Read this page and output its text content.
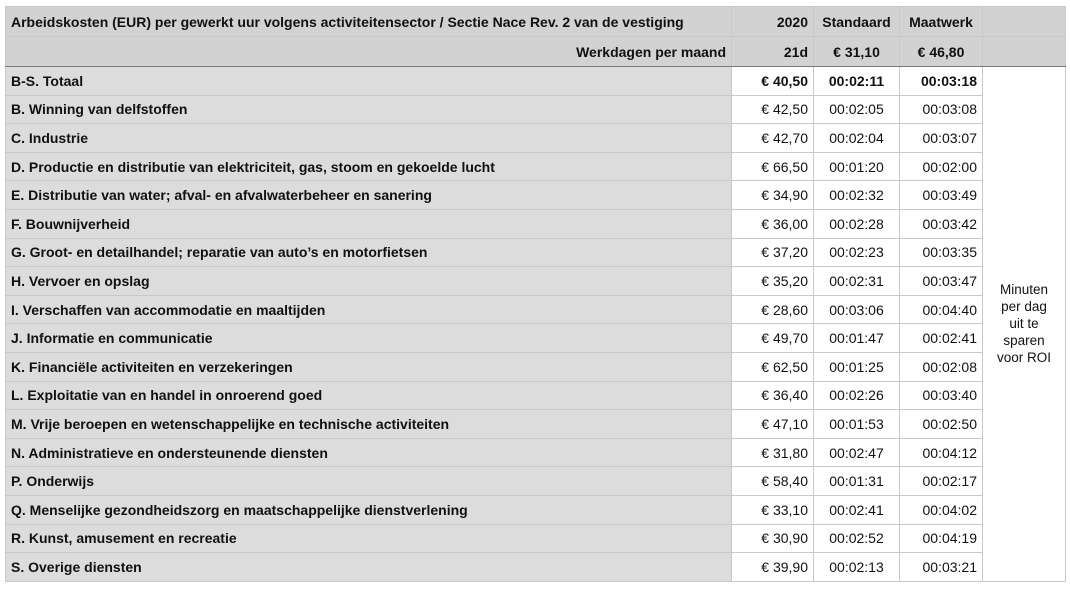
Arbeidskosten (EUR) per gewerkt uur volgens activiteitensector / Sectie Nace Rev. 2 van de vestiging	2020	Standaard	Maatwerk	
Werkdagen per maand	21d	€ 31,10	€ 46,80	
B-S. Totaal	€ 40,50	00:02:11	00:03:18	Minuten
per dag
uit te
sparen
voor ROI

B. Winning van delfstoffen	€ 42,50	00:02:05	00:03:08	
C. Industrie	€ 42,70	00:02:04	00:03:07	
D. Productie en distributie van elektriciteit, gas, stoom en gekoelde lucht	€ 66,50	00:01:20	00:02:00	
E. Distributie van water; afval- en afvalwaterbeheer en sanering	€ 34,90	00:02:32	00:03:49	
F. Bouwnijverheid	€ 36,00	00:02:28	00:03:42	
G. Groot- en detailhandel; reparatie van auto’s en motorfietsen	€ 37,20	00:02:23	00:03:35	
H. Vervoer en opslag	€ 35,20	00:02:31	00:03:47	
I. Verschaffen van accommodatie en maaltijden	€ 28,60	00:03:06	00:04:40	
J. Informatie en communicatie	€ 49,70	00:01:47	00:02:41	
K. Financiële activiteiten en verzekeringen	€ 62,50	00:01:25	00:02:08	
L. Exploitatie van en handel in onroerend goed	€ 36,40	00:02:26	00:03:40	
M. Vrije beroepen en wetenschappelijke en technische activiteiten	€ 47,10	00:01:53	00:02:50	
N. Administratieve en ondersteunende diensten	€ 31,80	00:02:47	00:04:12	
P. Onderwijs	€ 58,40	00:01:31	00:02:17	
Q. Menselijke gezondheidszorg en maatschappelijke dienstverlening	€ 33,10	00:02:41	00:04:02	
R. Kunst, amusement en recreatie	€ 30,90	00:02:52	00:04:19	
S. Overige diensten	€ 39,90	00:02:13	00:03:21	
